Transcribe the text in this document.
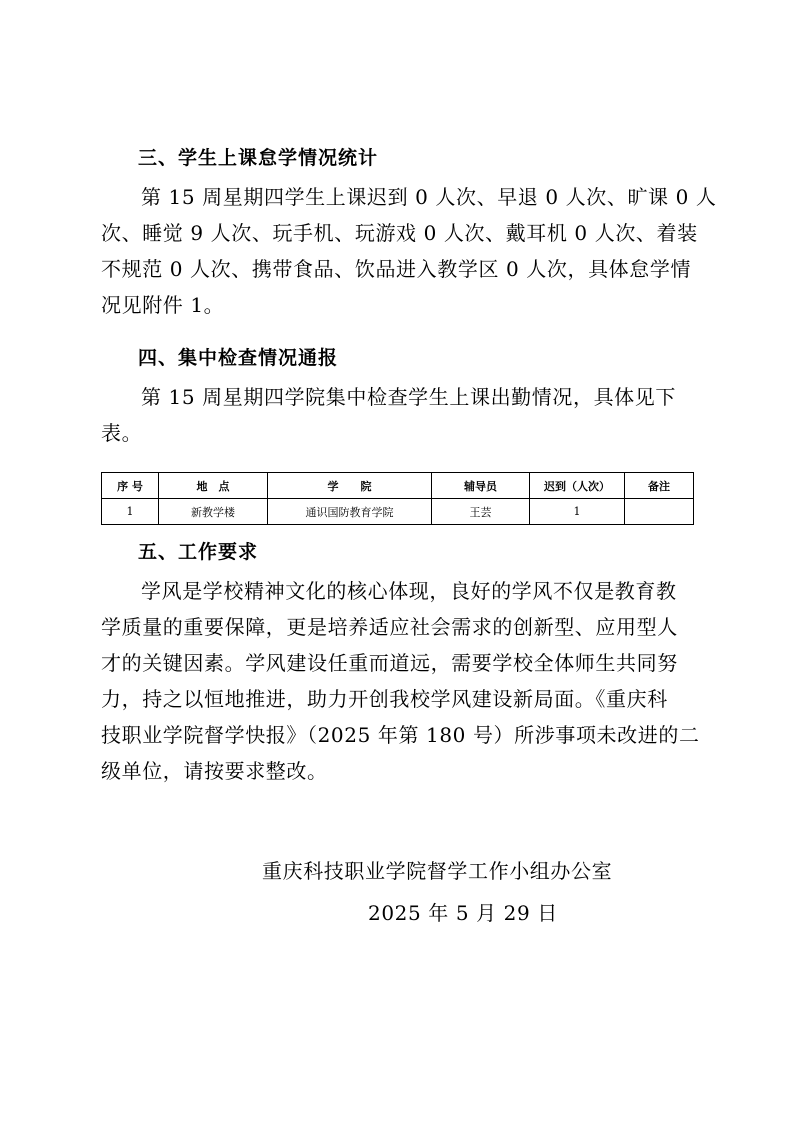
三、学生上课怠学情况统计

第 15 周星期四学生上课迟到 0 人次、早退 0 人次、旷课 0 人
次、睡觉 9 人次、玩手机、玩游戏 0 人次、戴耳机 0 人次、着装
不规范 0 人次、携带食品、饮品进入教学区 0 人次，具体怠学情
况见附件 1。

四、集中检查情况通报

第 15 周星期四学院集中检查学生上课出勤情况，具体见下
表。

序 号	地　点	学　　院	辅导员	迟到（人次）	备注
1	新教学楼	通识国防教育学院	王芸	1	
五、工作要求

学风是学校精神文化的核心体现，良好的学风不仅是教育教
学质量的重要保障，更是培养适应社会需求的创新型、应用型人
才的关键因素。学风建设任重而道远，需要学校全体师生共同努
力，持之以恒地推进，助力开创我校学风建设新局面。《重庆科
技职业学院督学快报》（2025 年第 180 号）所涉事项未改进的二
级单位，请按要求整改。

重庆科技职业学院督学工作小组办公室

2025 年 5 月 29 日
